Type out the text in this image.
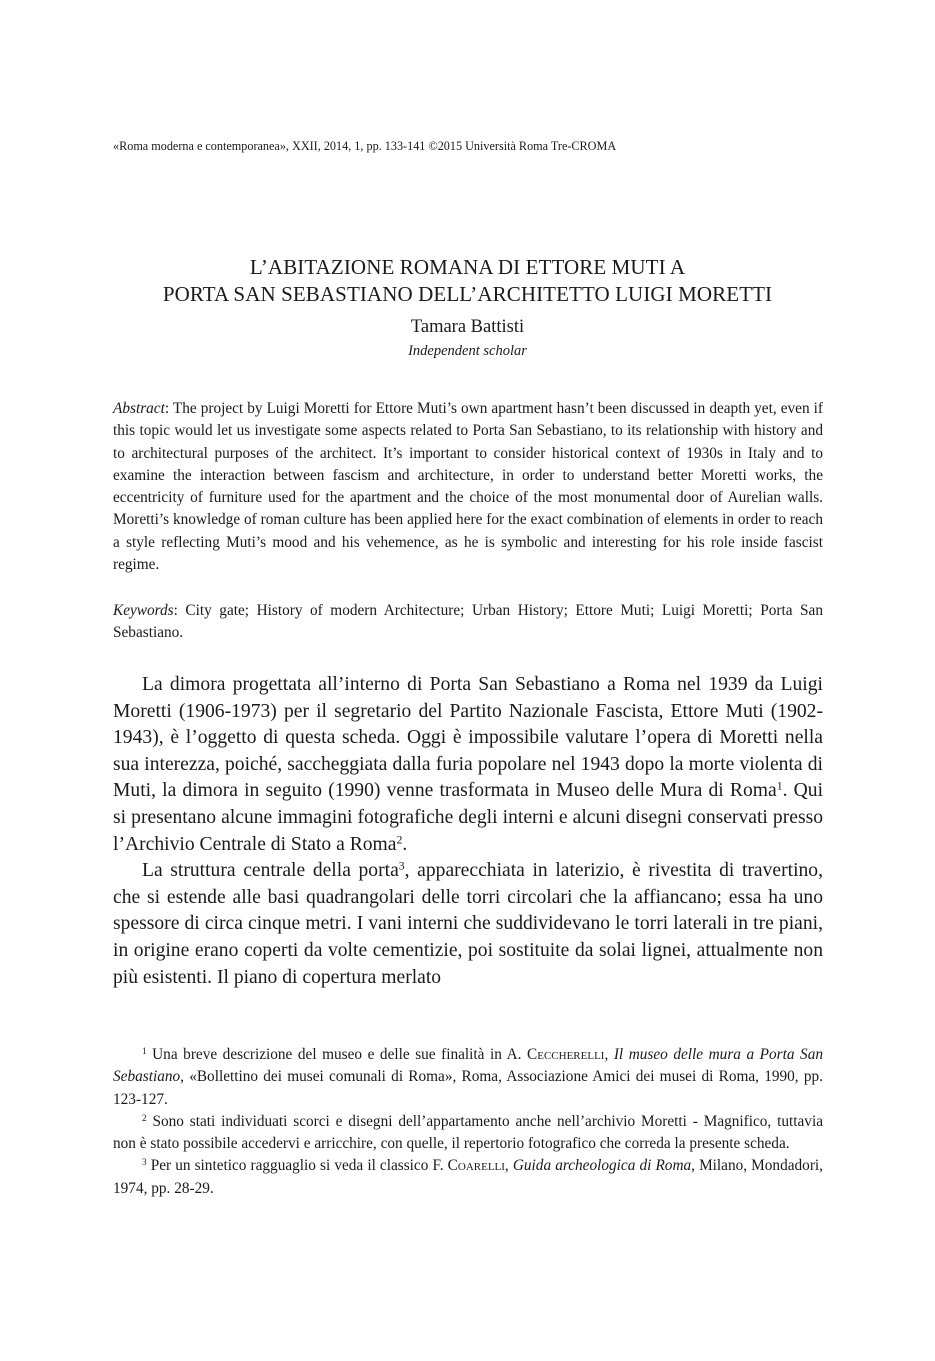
«Roma moderna e contemporanea», XXII, 2014, 1, pp. 133-141 ©2015 Università Roma Tre-CROMA
L’ABITAZIONE ROMANA DI ETTORE MUTI A
PORTA SAN SEBASTIANO DELL’ARCHITETTO LUIGI MORETTI
Tamara Battisti
Independent scholar

Abstract: The project by Luigi Moretti for Ettore Muti’s own apartment hasn’t been discussed in deapth yet, even if this topic would let us investigate some aspects related to Porta San Sebastiano, to its relationship with history and to architectural purposes of the architect. It’s important to consider historical context of 1930s in Italy and to examine the interaction between fascism and architecture, in order to understand better Moretti works, the eccentricity of furniture used for the apartment and the choice of the most monumental door of Aurelian walls. Moretti’s knowledge of roman culture has been applied here for the exact combination of elements in order to reach a style reflecting Muti’s mood and his vehemence, as he is symbolic and interesting for his role inside fascist regime.

Keywords: City gate; History of modern Architecture; Urban History; Ettore Muti; Luigi Moretti; Porta San Sebastiano.

La dimora progettata all’interno di Porta San Sebastiano a Roma nel 1939 da Luigi Moretti (1906-1973) per il segretario del Partito Nazionale Fascista, Ettore Muti (1902-1943), è l’oggetto di questa scheda. Oggi è impossibile valutare l’opera di Moretti nella sua interezza, poiché, saccheggiata dalla furia popolare nel 1943 dopo la morte violenta di Muti, la dimora in seguito (1990) venne trasformata in Museo delle Mura di Roma$^1$. Qui si presentano alcune immagini fotografiche degli interni e alcuni disegni conservati presso l’Archivio Centrale di Stato a Roma$^2$.

La struttura centrale della porta$^3$, apparecchiata in laterizio, è rivestita di travertino, che si estende alle basi quadrangolari delle torri circolari che la affiancano; essa ha uno spessore di circa cinque metri. I vani interni che suddividevano le torri laterali in tre piani, in origine erano coperti da volte cementizie, poi sostituite da solai lignei, attualmente non più esistenti. Il piano di copertura merlato

$^1$ Una breve descrizione del museo e delle sue finalità in A. Ceccherelli, Il museo delle mura a Porta San Sebastiano, «Bollettino dei musei comunali di Roma», Roma, Associazione Amici dei musei di Roma, 1990, pp. 123-127.

$^2$ Sono stati individuati scorci e disegni dell’appartamento anche nell’archivio Moretti - Magnifico, tuttavia non è stato possibile accedervi e arricchire, con quelle, il repertorio fotografico che correda la presente scheda.

$^3$ Per un sintetico ragguaglio si veda il classico F. Coarelli, Guida archeologica di Roma, Milano, Mondadori, 1974, pp. 28-29.
